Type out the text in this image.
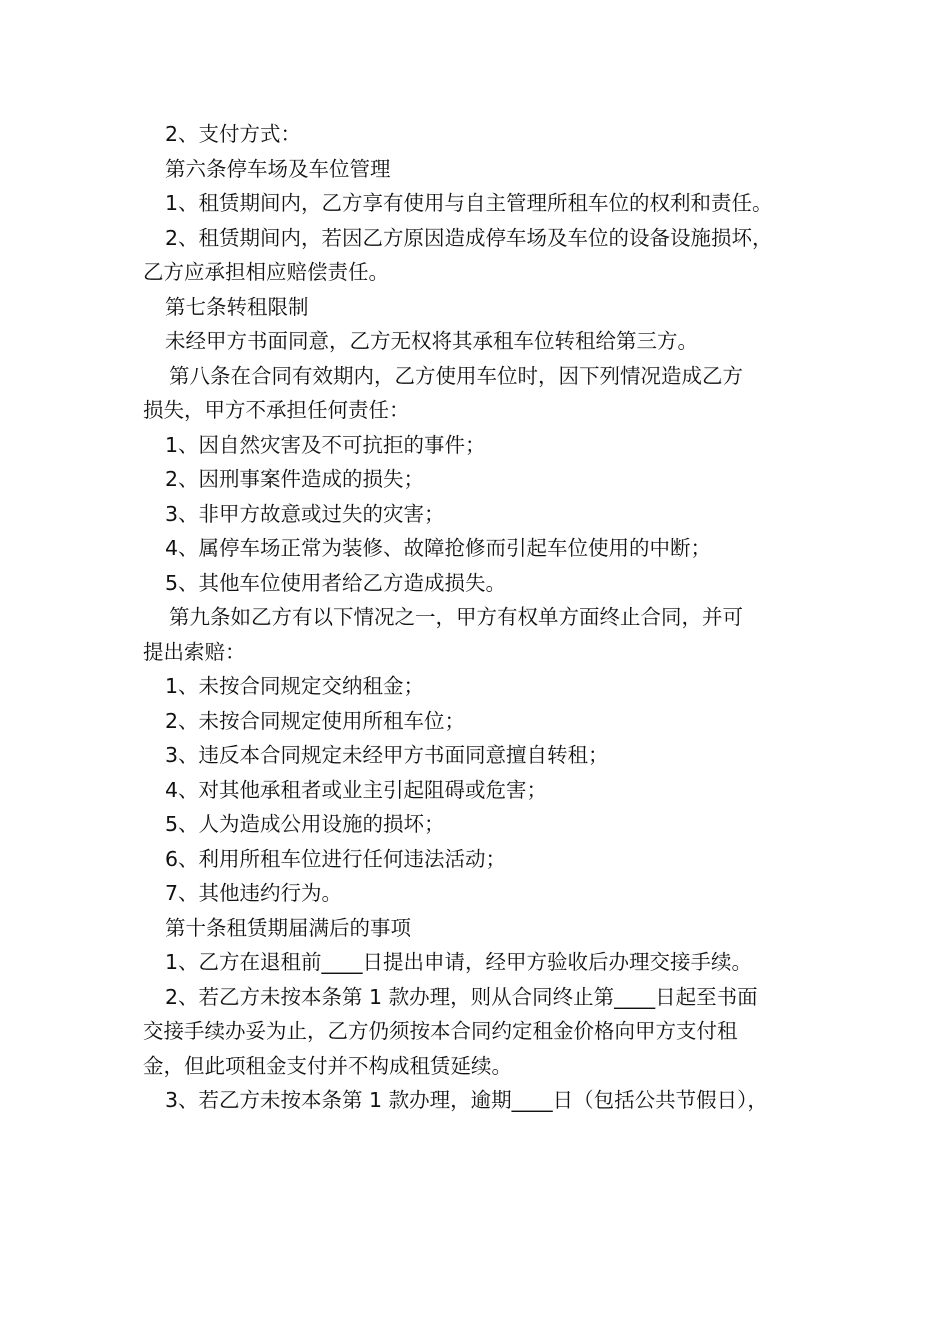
2、支付方式：

第六条停车场及车位管理

1、租赁期间内，乙方享有使用与自主管理所租车位的权利和责任。

2、租赁期间内，若因乙方原因造成停车场及车位的设备设施损坏，

乙方应承担相应赔偿责任。

第七条转租限制

未经甲方书面同意，乙方无权将其承租车位转租给第三方。

第八条在合同有效期内，乙方使用车位时，因下列情况造成乙方

损失，甲方不承担任何责任：

1、因自然灾害及不可抗拒的事件；

2、因刑事案件造成的损失；

3、非甲方故意或过失的灾害；

4、属停车场正常为装修、故障抢修而引起车位使用的中断；

5、其他车位使用者给乙方造成损失。

第九条如乙方有以下情况之一，甲方有权单方面终止合同，并可

提出索赔：

1、未按合同规定交纳租金；

2、未按合同规定使用所租车位；

3、违反本合同规定未经甲方书面同意擅自转租；

4、对其他承租者或业主引起阻碍或危害；

5、人为造成公用设施的损坏；

6、利用所租车位进行任何违法活动；

7、其他违约行为。

第十条租赁期届满后的事项

1、乙方在退租前____日提出申请，经甲方验收后办理交接手续。

2、若乙方未按本条第 1 款办理，则从合同终止第____日起至书面

交接手续办妥为止，乙方仍须按本合同约定租金价格向甲方支付租

金，但此项租金支付并不构成租赁延续。

3、若乙方未按本条第 1 款办理，逾期____日（包括公共节假日），
